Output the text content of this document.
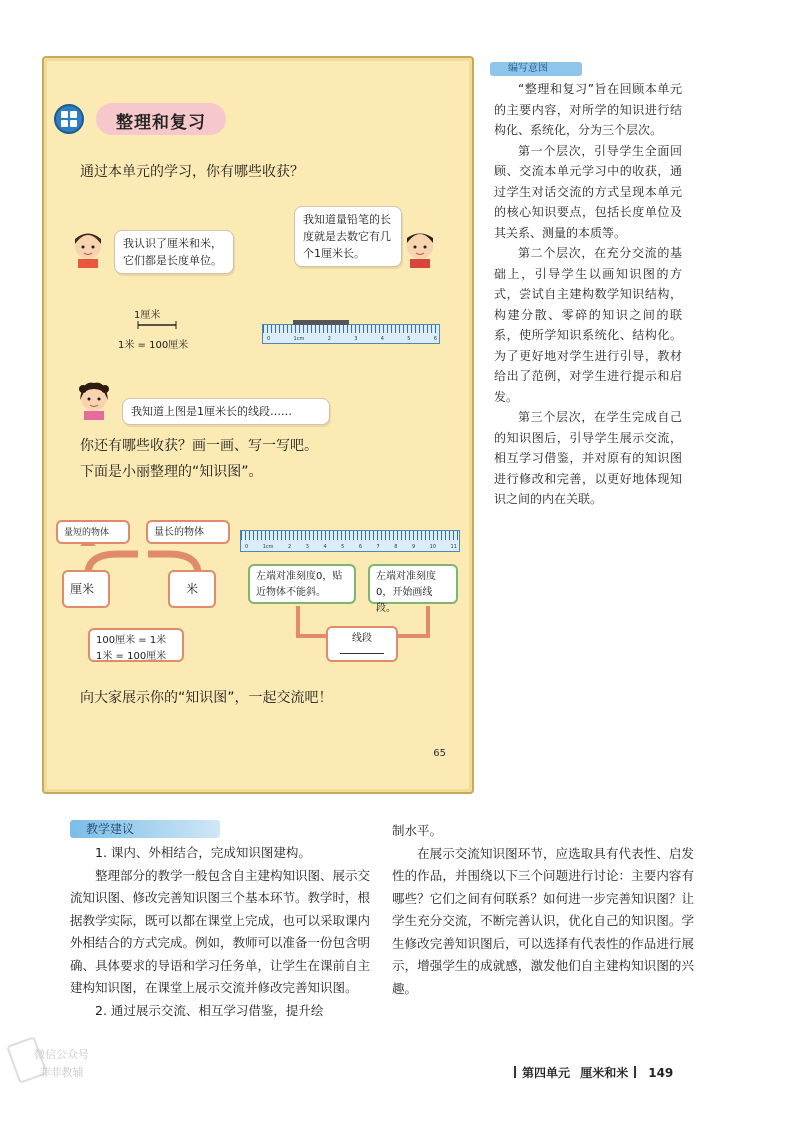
整理和复习
通过本单元的学习，你有哪些收获？
我认识了厘米和米，它们都是长度单位。
我知道量铅笔的长度就是去数它有几个1厘米长。
1厘米
1米 = 100厘米
0	1cm	2	3	4	5	6
我知道上图是1厘米长的线段……
你还有哪些收获？画一画、写一写吧。
下面是小丽整理的“知识图”。
量短的物体	量长的物体
0	1cm	2	3	4	5	6	7	8	9	10	11
厘米	米
100厘米 = 1米
1米 = 100厘米
左端对准刻度0，贴近物体不能斜。
左端对准刻度0，开始画线段。
线段
向大家展示你的“知识图”，一起交流吧！
65
编写意图

“整理和复习”旨在回顾本单元的主要内容，对所学的知识进行结构化、系统化，分为三个层次。

第一个层次，引导学生全面回顾、交流本单元学习中的收获，通过学生对话交流的方式呈现本单元的核心知识要点，包括长度单位及其关系、测量的本质等。

第二个层次，在充分交流的基础上，引导学生以画知识图的方式，尝试自主建构数学知识结构，构建分散、零碎的知识之间的联系，使所学知识系统化、结构化。为了更好地对学生进行引导，教材给出了范例，对学生进行提示和启发。

第三个层次，在学生完成自己的知识图后，引导学生展示交流，相互学习借鉴，并对原有的知识图进行修改和完善，以更好地体现知识之间的内在关联。

教学建议

1. 课内、外相结合，完成知识图建构。

整理部分的教学一般包含自主建构知识图、展示交流知识图、修改完善知识图三个基本环节。教学时，根据教学实际，既可以都在课堂上完成，也可以采取课内外相结合的方式完成。例如，教师可以准备一份包含明确、具体要求的导语和学习任务单，让学生在课前自主建构知识图，在课堂上展示交流并修改完善知识图。

2. 通过展示交流、相互学习借鉴，提升绘

制水平。

在展示交流知识图环节，应选取具有代表性、启发性的作品，并围绕以下三个问题进行讨论：主要内容有哪些？它们之间有何联系？如何进一步完善知识图？让学生充分交流，不断完善认识，优化自己的知识图。学生修改完善知识图后，可以选择有代表性的作品进行展示，增强学生的成就感，激发他们自主建构知识图的兴趣。

第四单元 厘米和米 149
微信公众号
菲菲教辅
